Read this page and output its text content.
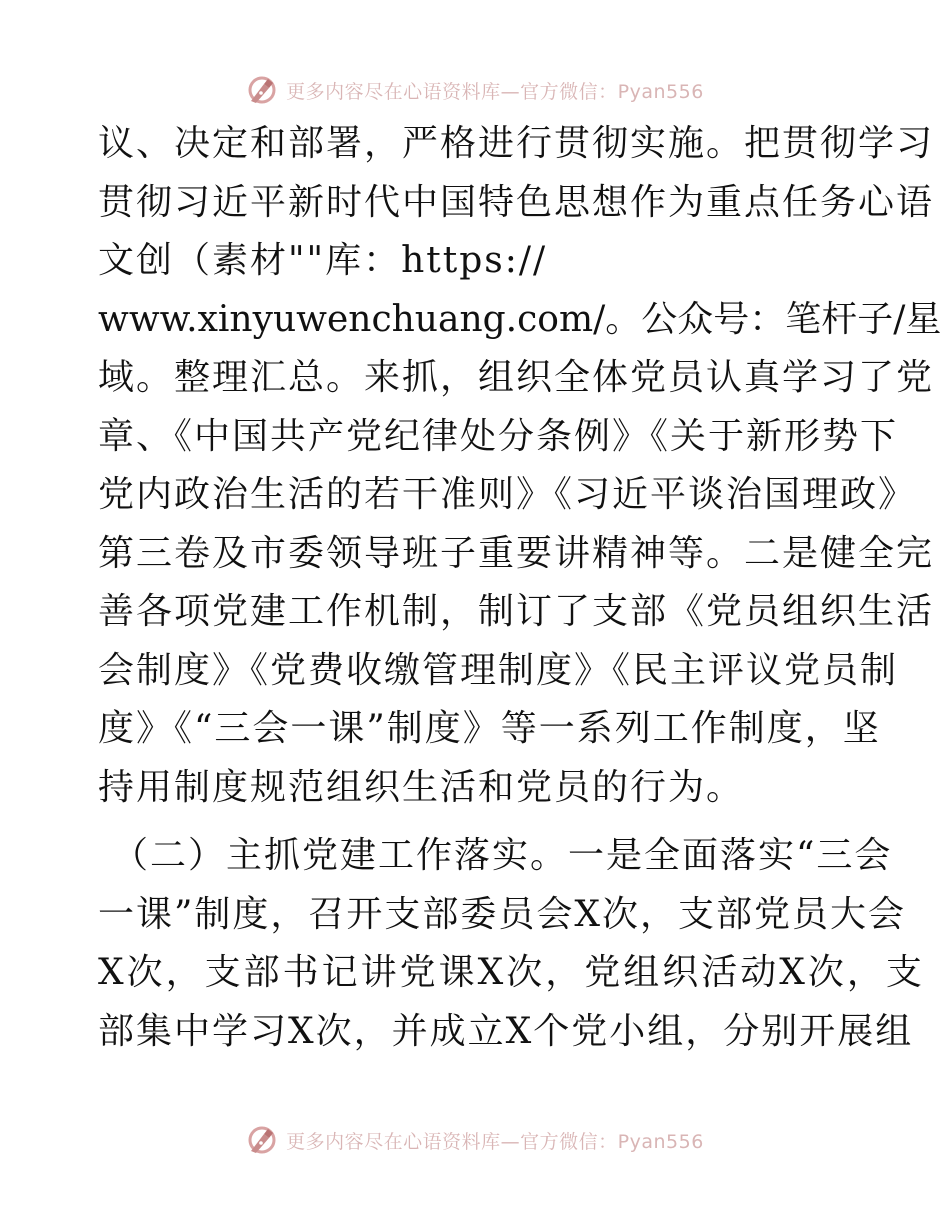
更多内容尽在心语资料库—官方微信：Pyan556
议、决定和部署，严格进行贯彻实施。把贯彻学习
贯彻习近平新时代中国特色思想作为重点任务心语
文创（素材""库：https://
www.xinyuwenchuang.com/。公众号：笔杆子/星
域。整理汇总。来抓，组织全体党员认真学习了党
章、《中国共产党纪律处分条例》《关于新形势下
党内政治生活的若干准则》《习近平谈治国理政》
第三卷及市委领导班子重要讲精神等。二是健全完
善各项党建工作机制，制订了支部《党员组织生活
会制度》《党费收缴管理制度》《民主评议党员制
度》《“三会一课”制度》等一系列工作制度，坚
持用制度规范组织生活和党员的行为。
（二）主抓党建工作落实。一是全面落实“三会
一课”制度，召开支部委员会X次，支部党员大会
X次，支部书记讲党课X次，党组织活动X次，支
部集中学习X次，并成立X个党小组，分别开展组
更多内容尽在心语资料库—官方微信：Pyan556
